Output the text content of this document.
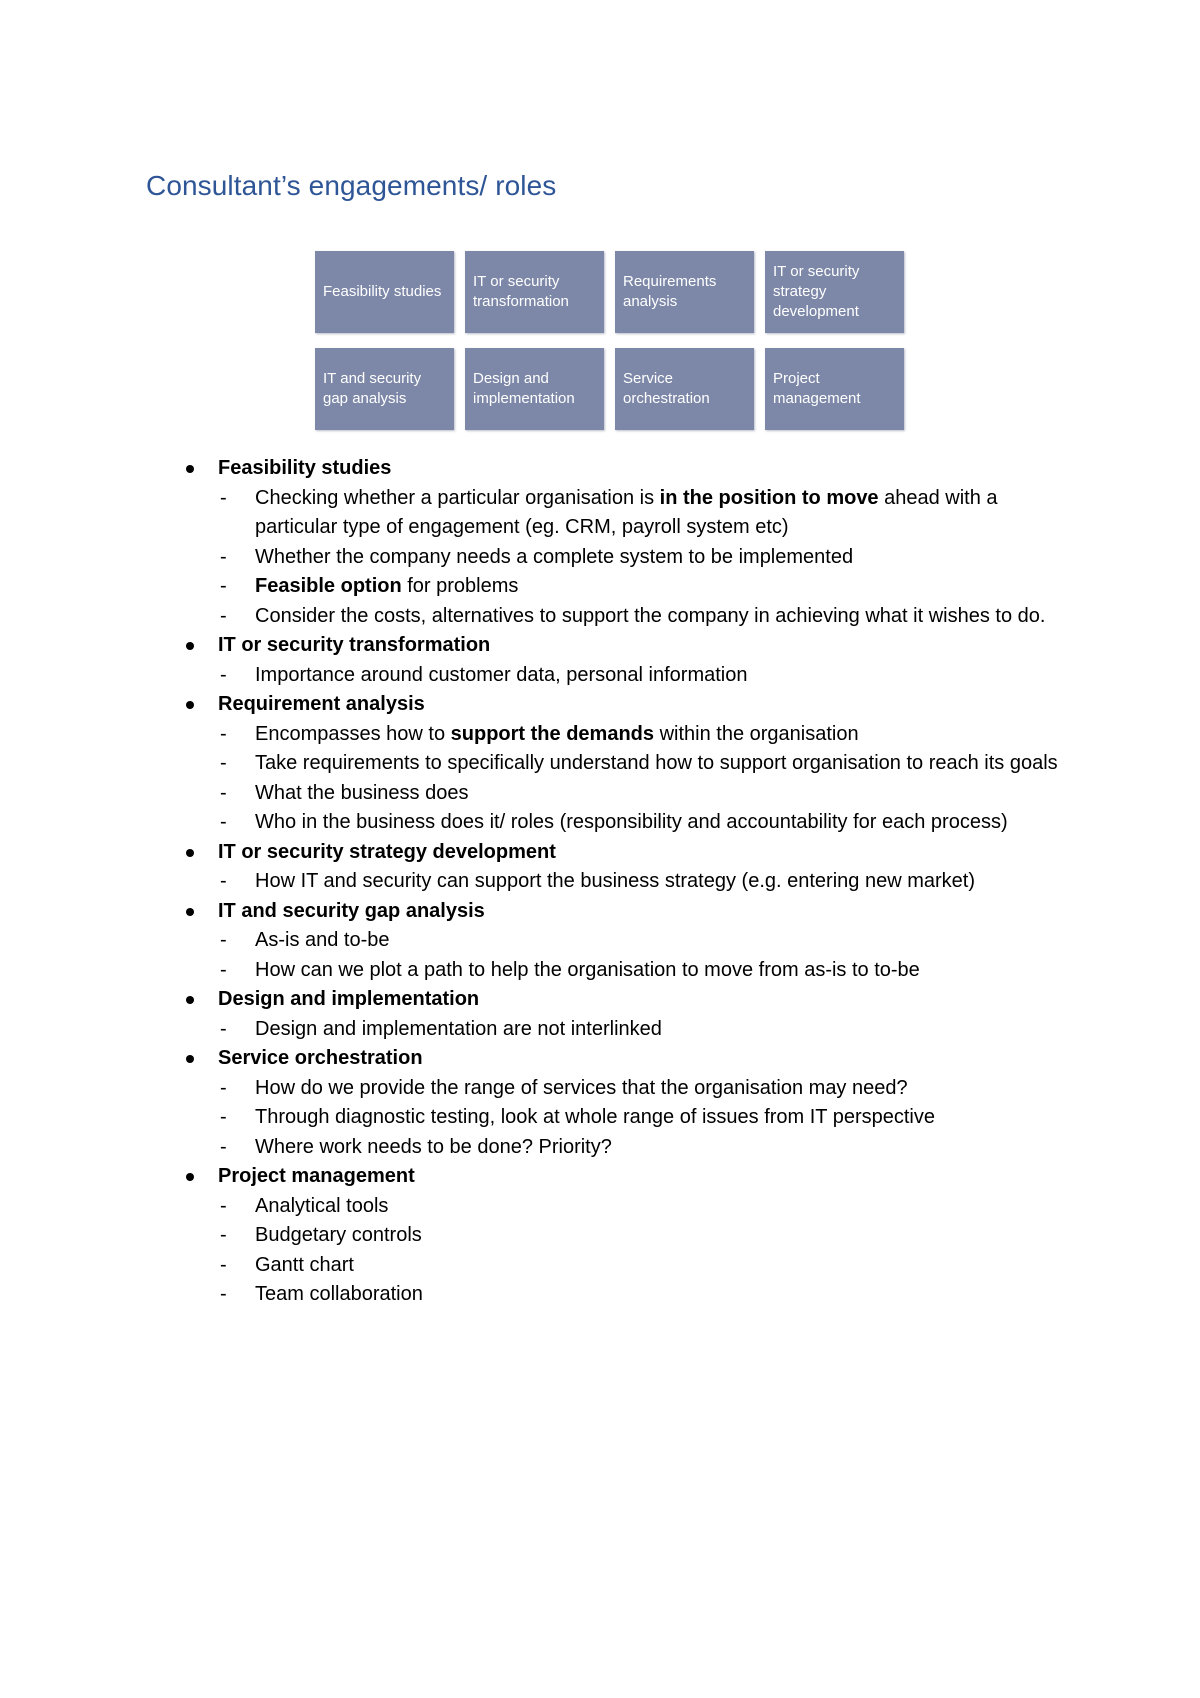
Consultant’s engagements/ roles
Feasibility studies
IT or security transformation
Requirements analysis
IT or security strategy development
IT and security gap analysis
Design and implementation
Service orchestration
Project management
Feasibility studies
- Checking whether a particular organisation is in the position to move ahead with a particular type of engagement (eg. CRM, payroll system etc)
- Whether the company needs a complete system to be implemented
- Feasible option for problems
- Consider the costs, alternatives to support the company in achieving what it wishes to do.
IT or security transformation
- Importance around customer data, personal information
Requirement analysis
- Encompasses how to support the demands within the organisation
- Take requirements to specifically understand how to support organisation to reach its goals
- What the business does
- Who in the business does it/ roles (responsibility and accountability for each process)
IT or security strategy development
- How IT and security can support the business strategy (e.g. entering new market)
IT and security gap analysis
- As-is and to-be
- How can we plot a path to help the organisation to move from as-is to to-be
Design and implementation
- Design and implementation are not interlinked
Service orchestration
- How do we provide the range of services that the organisation may need?
- Through diagnostic testing, look at whole range of issues from IT perspective
- Where work needs to be done? Priority?
Project management
- Analytical tools
- Budgetary controls
- Gantt chart
- Team collaboration
